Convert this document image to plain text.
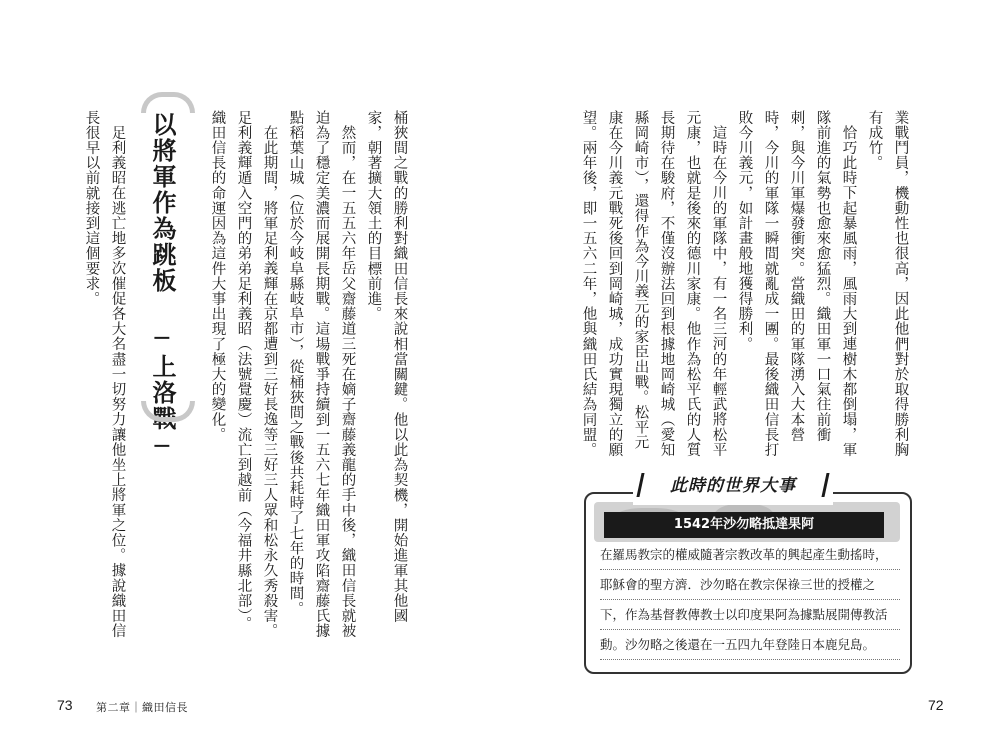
以將軍作為跳板 ─上洛戰─	桶狹間之戰的勝利對織田信長來說相當關鍵。他以此為契機，開始進軍其他國
家，朝著擴大領土的目標前進。
然而，在一五五六年岳父齋藤道三死在嫡子齋藤義龍的手中後，織田信長就被
迫為了穩定美濃而展開長期戰。這場戰爭持續到一五六七年織田軍攻陷齋藤氏據
點稻葉山城（位於今岐阜縣岐阜市），從桶狹間之戰後共耗時了七年的時間。
在此期間，將軍足利義輝在京都遭到三好長逸等三好三人眾和松永久秀殺害。
足利義輝遁入空門的弟弟足利義昭（法號覺慶）流亡到越前（今福井縣北部）。
織田信長的命運因為這件大事出現了極大的變化。
足利義昭在逃亡地多次催促各大名盡一切努力讓他坐上將軍之位。據說織田信
長很早以前就接到這個要求。
73 第二章｜織田信長
業戰鬥員，機動性也很高，因此他們對於取得勝利胸
有成竹。
恰巧此時下起暴風雨，風雨大到連樹木都倒塌，軍
隊前進的氣勢也愈來愈猛烈。織田軍一口氣往前衝
刺，與今川軍爆發衝突。當織田的軍隊湧入大本營
時，今川的軍隊一瞬間就亂成一團。最後織田信長打
敗今川義元，如計畫般地獲得勝利。
這時在今川的軍隊中，有一名三河的年輕武將松平
元康，也就是後來的德川家康。他作為松平氏的人質
長期待在駿府，不僅沒辦法回到根據地岡崎城（愛知
縣岡崎市），還得作為今川義元的家臣出戰。松平元
康在今川義元戰死後回到岡崎城，成功實現獨立的願
望。兩年後，即一五六二年，他與織田氏結為同盟。
此時的世界大事
1542年沙勿略抵達果阿
在羅馬教宗的權威隨著宗教改革的興起產生動搖時，
耶穌會的聖方濟．沙勿略在教宗保祿三世的授權之
下，作為基督教傳教士以印度果阿為據點展開傳教活
動。沙勿略之後還在一五四九年登陸日本鹿兒島。
72
